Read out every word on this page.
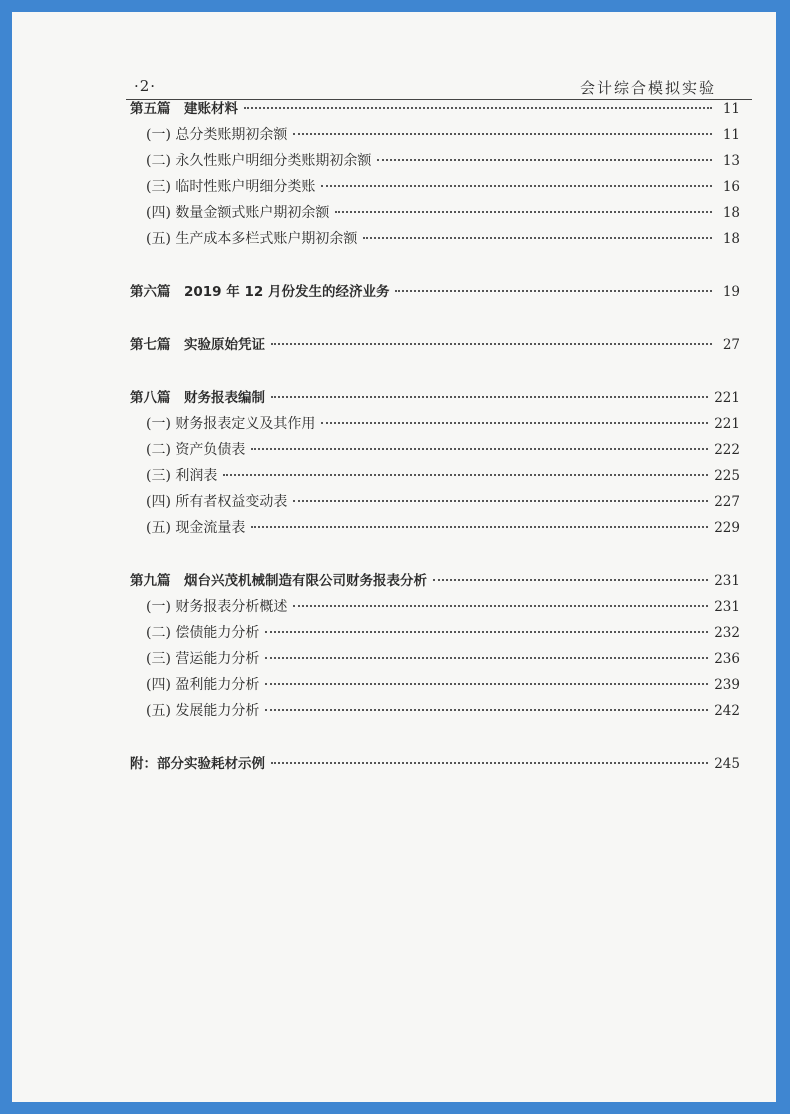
·2·	会计综合模拟实验
第五篇　建账材料	11
(一) 总分类账期初余额	11
(二) 永久性账户明细分类账期初余额	13
(三) 临时性账户明细分类账	16
(四) 数量金额式账户期初余额	18
(五) 生产成本多栏式账户期初余额	18
第六篇　2019 年 12 月份发生的经济业务	19
第七篇　实验原始凭证	27
第八篇　财务报表编制	221
(一) 财务报表定义及其作用	221
(二) 资产负债表	222
(三) 利润表	225
(四) 所有者权益变动表	227
(五) 现金流量表	229
第九篇　烟台兴茂机械制造有限公司财务报表分析	231
(一) 财务报表分析概述	231
(二) 偿债能力分析	232
(三) 营运能力分析	236
(四) 盈利能力分析	239
(五) 发展能力分析	242
附：部分实验耗材示例	245
